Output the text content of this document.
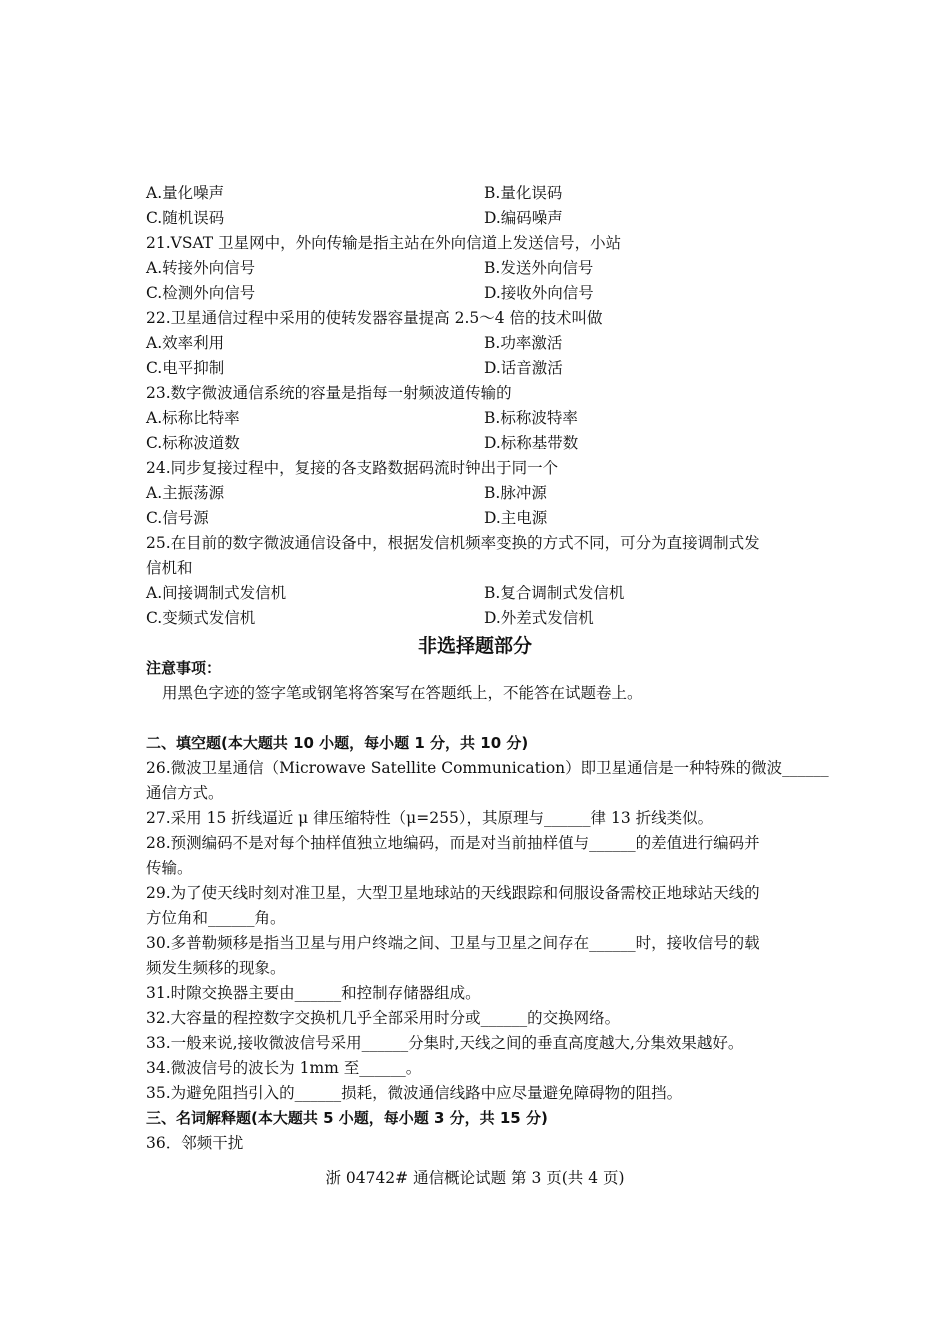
A.量化噪声	B.量化误码
C.随机误码	D.编码噪声
21.VSAT 卫星网中，外向传输是指主站在外向信道上发送信号，小站
A.转接外向信号	B.发送外向信号
C.检测外向信号	D.接收外向信号
22.卫星通信过程中采用的使转发器容量提高 2.5～4 倍的技术叫做
A.效率利用	B.功率激活
C.电平抑制	D.话音激活
23.数字微波通信系统的容量是指每一射频波道传输的
A.标称比特率	B.标称波特率
C.标称波道数	D.标称基带数
24.同步复接过程中，复接的各支路数据码流时钟出于同一个
A.主振荡源	B.脉冲源
C.信号源	D.主电源
25.在目前的数字微波通信设备中，根据发信机频率变换的方式不同，可分为直接调制式发
信机和
A.间接调制式发信机	B.复合调制式发信机
C.变频式发信机	D.外差式发信机
非选择题部分
注意事项：
用黑色字迹的签字笔或钢笔将答案写在答题纸上，不能答在试题卷上。
二、填空题(本大题共 10 小题，每小题 1 分，共 10 分)
26.微波卫星通信（Microwave Satellite Communication）即卫星通信是一种特殊的微波______
通信方式。
27.采用 15 折线逼近 μ 律压缩特性（μ=255），其原理与______律 13 折线类似。
28.预测编码不是对每个抽样值独立地编码，而是对当前抽样值与______的差值进行编码并
传输。
29.为了使天线时刻对准卫星，大型卫星地球站的天线跟踪和伺服设备需校正地球站天线的
方位角和______角。
30.多普勒频移是指当卫星与用户终端之间、卫星与卫星之间存在______时，接收信号的载
频发生频移的现象。
31.时隙交换器主要由______和控制存储器组成。
32.大容量的程控数字交换机几乎全部采用时分或______的交换网络。
33.一般来说,接收微波信号采用______分集时,天线之间的垂直高度越大,分集效果越好。
34.微波信号的波长为 1mm 至______。
35.为避免阻挡引入的______损耗，微波通信线路中应尽量避免障碍物的阻挡。
三、名词解释题(本大题共 5 小题，每小题 3 分，共 15 分)
36．邻频干扰
浙 04742# 通信概论试题 第 3 页(共 4 页)
